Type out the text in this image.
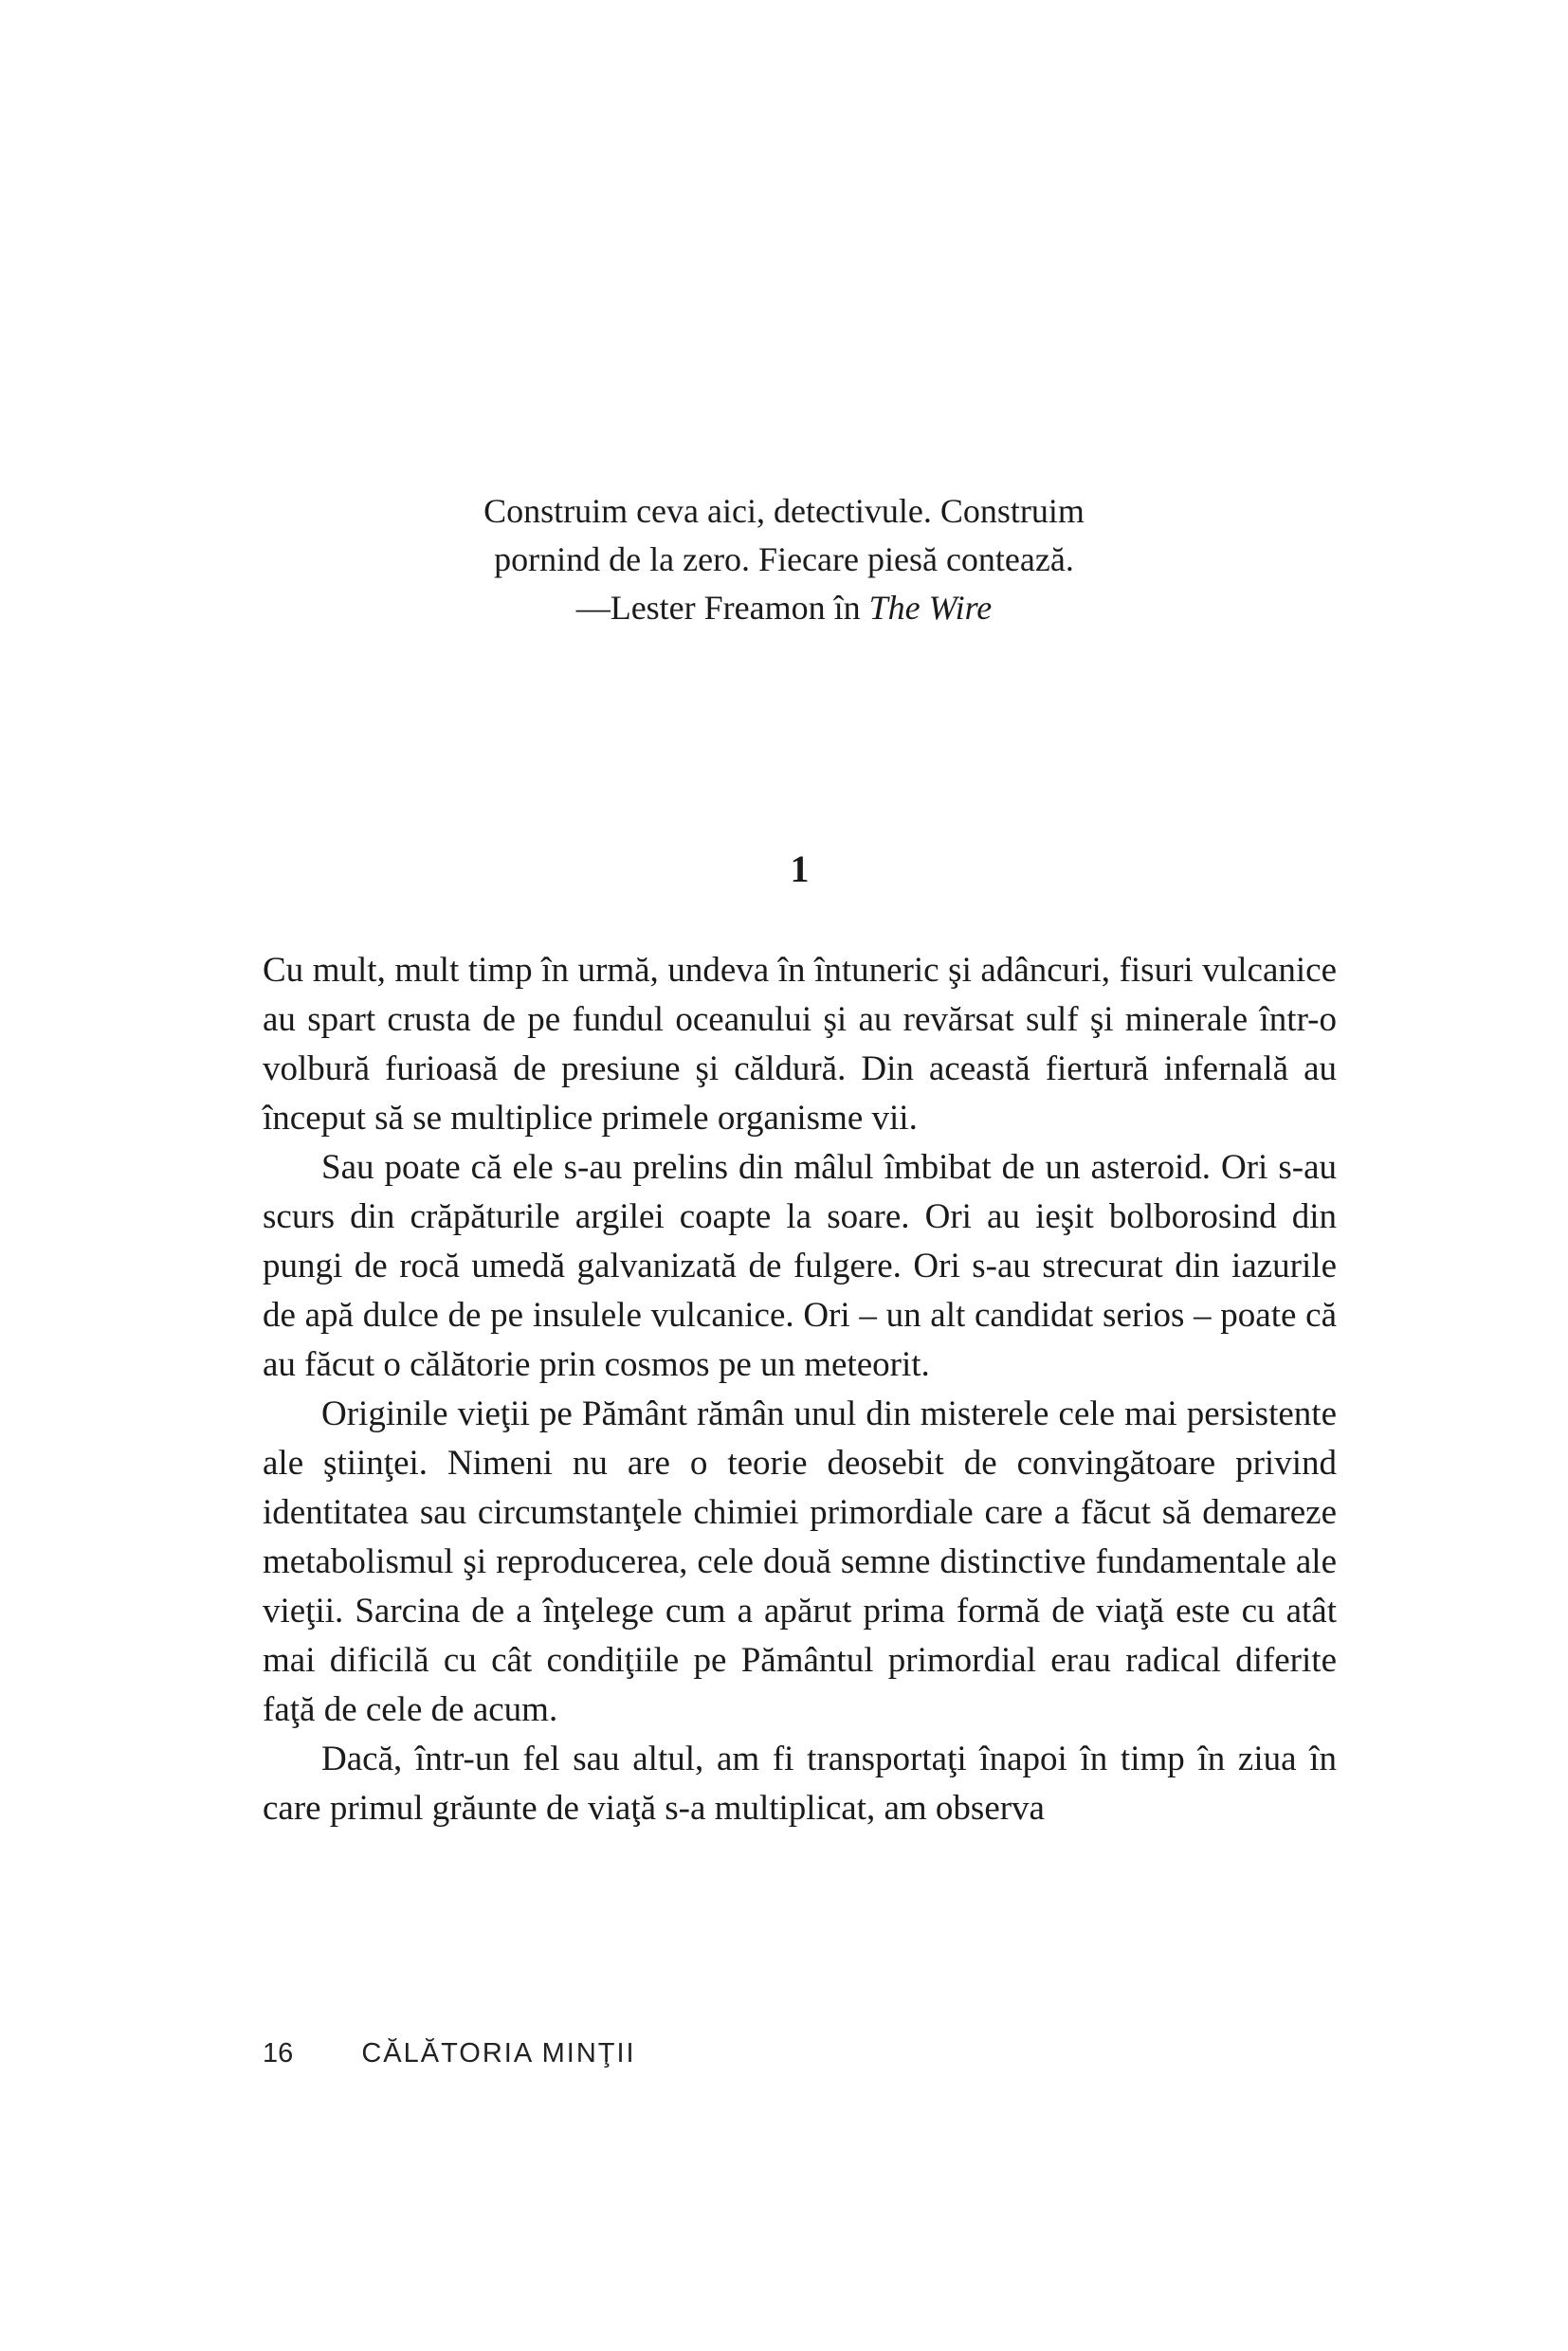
Construim ceva aici, detectivule. Construim
pornind de la zero. Fiecare piesă contează.
—Lester Freamon în The Wire
1

Cu mult, mult timp în urmă, undeva în întuneric şi adâncuri, fisuri vulcanice au spart crusta de pe fundul oceanului şi au revărsat sulf şi minerale într-o volbură furioasă de presiune şi căldură. Din această fiertură infernală au început să se multiplice primele organisme vii.

Sau poate că ele s-au prelins din mâlul îmbibat de un asteroid. Ori s-au scurs din crăpăturile argilei coapte la soare. Ori au ieşit bolborosind din pungi de rocă umedă galvanizată de fulgere. Ori s-au strecurat din iazurile de apă dulce de pe insulele vulcanice. Ori – un alt candidat serios – poate că au făcut o călătorie prin cosmos pe un meteorit.

Originile vieţii pe Pământ rămân unul din misterele cele mai persistente ale ştiinţei. Nimeni nu are o teorie deosebit de convingătoare privind identitatea sau circumstanţele chimiei primordiale care a făcut să demareze metabolismul şi reproducerea, cele două semne distinctive fundamentale ale vieţii. Sarcina de a înţelege cum a apărut prima formă de viaţă este cu atât mai dificilă cu cât condiţiile pe Pământul primordial erau radical diferite faţă de cele de acum.

Dacă, într-un fel sau altul, am fi transportaţi înapoi în timp în ziua în care primul grăunte de viaţă s-a multiplicat, am observa

16 CĂLĂTORIA MINŢII
